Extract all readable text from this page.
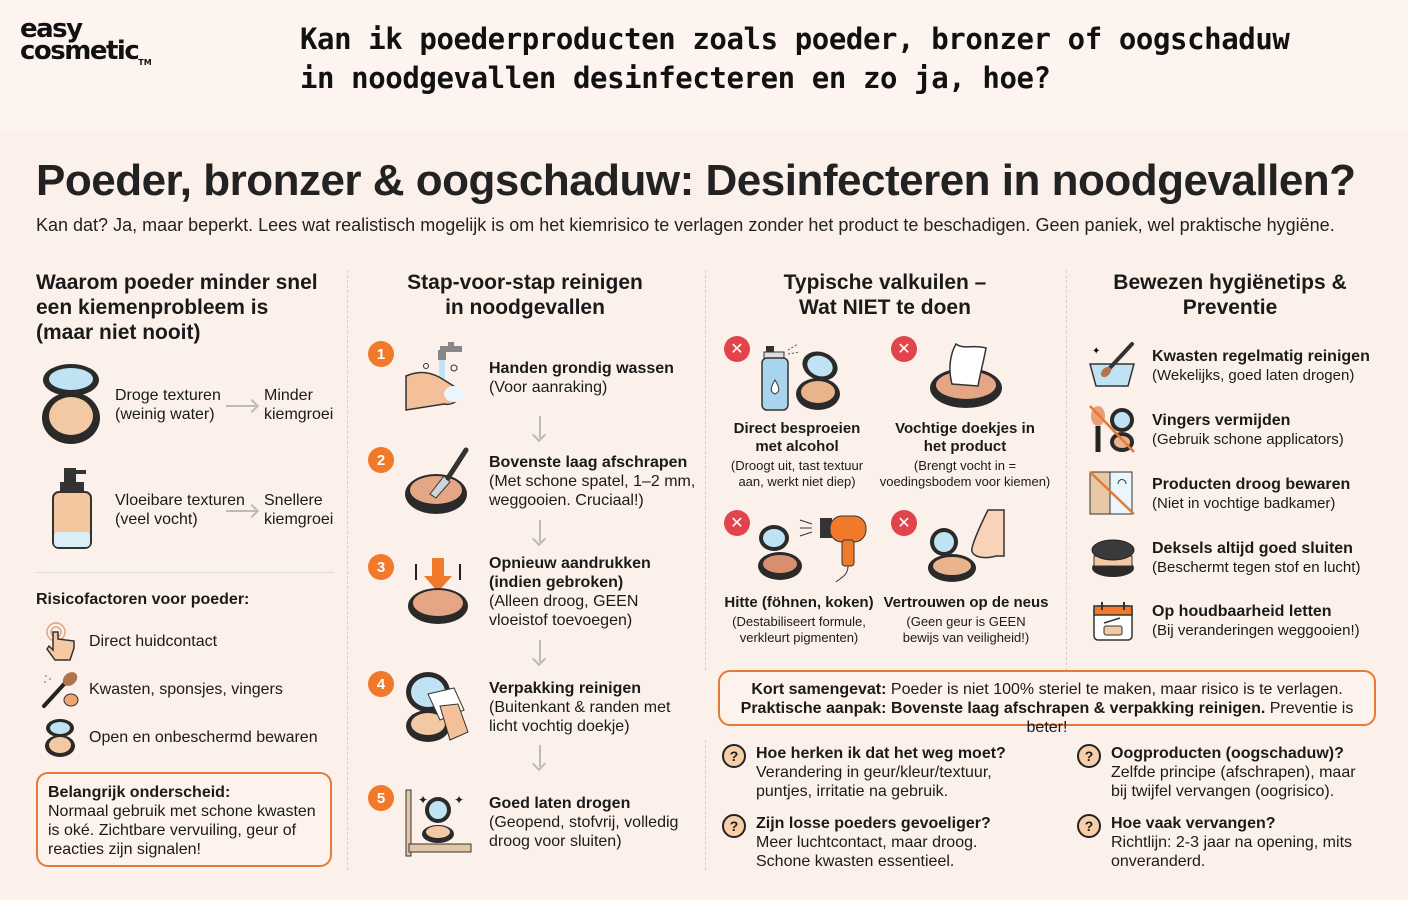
easy
cosmetic™
Kan ik poederproducten zoals poeder, bronzer of oogschaduw
in noodgevallen desinfecteren en zo ja, hoe?
Poeder, bronzer & oogschaduw: Desinfecteren in noodgevallen?
Kan dat? Ja, maar beperkt. Lees wat realistisch mogelijk is om het kiemrisico te verlagen zonder het product te beschadigen. Geen paniek, wel praktische hygiëne.
Waarom poeder minder snel
een kiemenprobleem is
(maar niet nooit)
Droge texturen
(weinig water)
Minder
kiemgroei
Vloeibare texturen
(veel vocht)
Snellere
kiemgroei
Risicofactoren voor poeder:
Direct huidcontact
Kwasten, sponsjes, vingers
Open en onbeschermd bewaren
Belangrijk onderscheid:
Normaal gebruik met schone kwasten
is oké. Zichtbare vervuiling, geur of
reacties zijn signalen!
Stap-voor-stap reinigen
in noodgevallen
1
Handen grondig wassen
(Voor aanraking)
2	Bovenste laag afschrapen
(Met schone spatel, 1–2 mm,
weggooien. Cruciaal!)
3	Opnieuw aandrukken
(indien gebroken)
(Alleen droog, GEEN
vloeistof toevoegen)
4	Verpakking reinigen
(Buitenkant & randen met
licht vochtig doekje)
5	✦ ✦ Goed laten drogen
(Geopend, stofvrij, volledig
droog voor sluiten)
Typische valkuilen –
Wat NIET te doen
✕
Direct besproeien
met alcohol
(Droogt uit, tast textuur
aan, werkt niet diep)
✕
Vochtige doekjes in
het product
(Brengt vocht in =
voedingsbodem voor kiemen)
✕
Hitte (föhnen, koken)
(Destabiliseert formule,
verkleurt pigmenten)
✕
Vertrouwen op de neus
(Geen geur is GEEN
bewijs van veiligheid!)
Bewezen hygiënetips &
Preventie
✦	Kwasten regelmatig reinigen
(Wekelijks, goed laten drogen)
Vingers vermijden
(Gebruik schone applicators)
Producten droog bewaren
(Niet in vochtige badkamer)
Deksels altijd goed sluiten
(Beschermt tegen stof en lucht)
Op houdbaarheid letten
(Bij veranderingen weggooien!)
Kort samengevat: Poeder is niet 100% steriel te maken, maar risico is te verlagen.
Praktische aanpak: Bovenste laag afschrapen & verpakking reinigen. Preventie is beter!
?	Hoe herken ik dat het weg moet?
Verandering in geur/kleur/textuur,
puntjes, irritatie na gebruik.
?	Oogproducten (oogschaduw)?
Zelfde principe (afschrapen), maar
bij twijfel vervangen (oogrisico).
?	Zijn losse poeders gevoeliger?
Meer luchtcontact, maar droog.
Schone kwasten essentieel.
?	Hoe vaak vervangen?
Richtlijn: 2-3 jaar na opening, mits
onveranderd.
